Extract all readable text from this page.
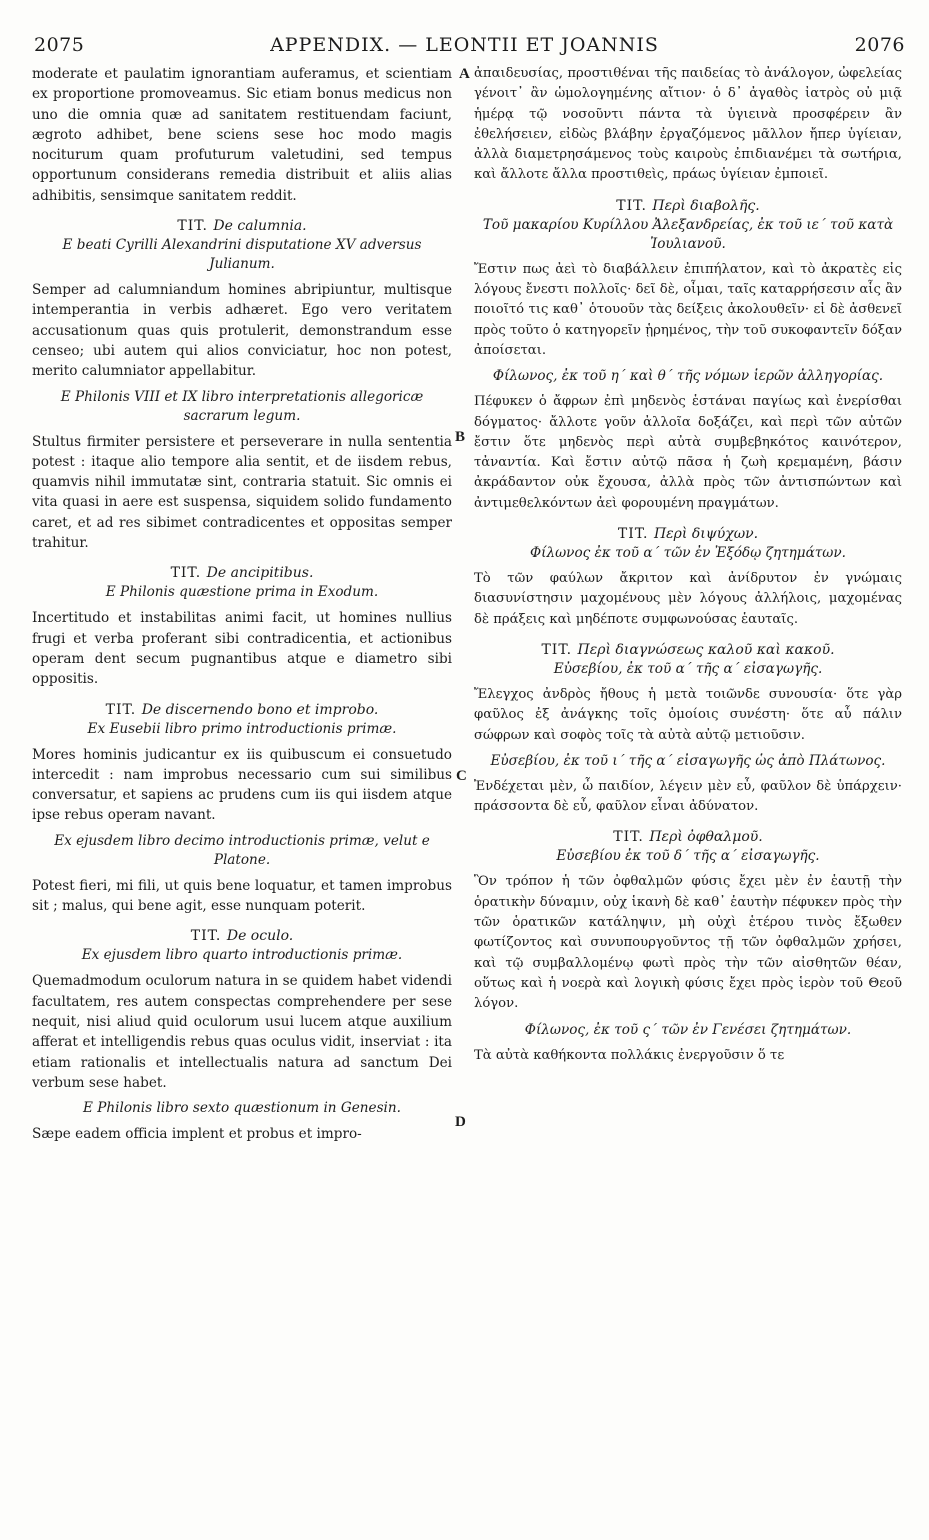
2075	APPENDIX. — LEONTII ET JOANNIS	2076

moderate et paulatim ignorantiam auferamus, et scientiam ex proportione promoveamus. Sic etiam bonus medicus non uno die omnia quæ ad sanitatem restituendam faciunt, ægroto adhibet, bene sciens sese hoc modo magis nociturum quam profuturum valetudini, sed tempus opportunum considerans remedia distribuit et aliis alias adhibitis, sensimque sanitatem reddit.

TIT. De calumnia.
E beati Cyrilli Alexandrini disputatione XV adversus Julianum.

Semper ad calumniandum homines abripiuntur, multisque intemperantia in verbis adhæret. Ego vero veritatem accusationum quas quis protulerit, demonstrandum esse censeo; ubi autem qui alios conviciatur, hoc non potest, merito calumniator appellabitur.

E Philonis VIII et IX libro interpretationis allegoricæ sacrarum legum.

Stultus firmiter persistere et perseverare in nulla sententia potest : itaque alio tempore alia sentit, et de iisdem rebus, quamvis nihil immutatæ sint, contraria statuit. Sic omnis ei vita quasi in aere est suspensa, siquidem solido fundamento caret, et ad res sibimet contradicentes et oppositas semper trahitur.

TIT. De ancipitibus.
E Philonis quæstione prima in Exodum.

Incertitudo et instabilitas animi facit, ut homines nullius frugi et verba proferant sibi contradicentia, et actionibus operam dent secum pugnantibus atque e diametro sibi oppositis.

TIT. De discernendo bono et improbo.
Ex Eusebii libro primo introductionis primæ.

Mores hominis judicantur ex iis quibuscum ei consuetudo intercedit : nam improbus necessario cum sui similibus conversatur, et sapiens ac prudens cum iis qui iisdem atque ipse rebus operam navant.

Ex ejusdem libro decimo introductionis primæ, velut e Platone.

Potest fieri, mi fili, ut quis bene loquatur, et tamen improbus sit ; malus, qui bene agit, esse nunquam poterit.

TIT. De oculo.
Ex ejusdem libro quarto introductionis primæ.

Quemadmodum oculorum natura in se quidem habet videndi facultatem, res autem conspectas comprehendere per sese nequit, nisi aliud quid oculorum usui lucem atque auxilium afferat et intelligendis rebus quas oculus vidit, inserviat : ita etiam rationalis et intellectualis natura ad sanctum Dei verbum sese habet.

E Philonis libro sexto quæstionum in Genesin.

Sæpe eadem officia implent et probus et impro-

ἀπαιδευσίας, προστιθέναι τῆς παιδείας τὸ ἀνάλογον, ὠφελείας γένοιτ᾽ ἂν ὡμολογημένης αἴτιον· ὁ δ᾽ ἀγαθὸς ἰατρὸς οὐ μιᾷ ἡμέρᾳ τῷ νοσοῦντι πάντα τὰ ὑγιεινὰ προσφέρειν ἂν ἐθελήσειεν, εἰδὼς βλάβην ἐργαζόμενος μᾶλλον ἤπερ ὑγίειαν, ἀλλὰ διαμετρησάμενος τοὺς καιροὺς ἐπιδιανέμει τὰ σωτήρια, καὶ ἄλλοτε ἄλλα προστιθεὶς, πράως ὑγίειαν ἐμποιεῖ.

TIT. Περὶ διαβολῆς.
Τοῦ μακαρίου Κυρίλλου Ἀλεξανδρείας, ἐκ τοῦ ιε´ τοῦ κατὰ Ἰουλιανοῦ.

Ἔστιν πως ἀεὶ τὸ διαβάλλειν ἐπιπήλατον, καὶ τὸ ἀκρατὲς εἰς λόγους ἔνεστι πολλοῖς· δεῖ δὲ, οἶμαι, ταῖς καταρρήσεσιν αἷς ἂν ποιοῖτό τις καθ᾽ ὁτουοῦν τὰς δείξεις ἀκολουθεῖν· εἰ δὲ ἀσθενεῖ πρὸς τοῦτο ὁ κατηγορεῖν ᾑρημένος, τὴν τοῦ συκοφαντεῖν δόξαν ἀποίσεται.

Φίλωνος, ἐκ τοῦ η´ καὶ θ´ τῆς νόμων ἱερῶν ἀλληγορίας.

Πέφυκεν ὁ ἄφρων ἐπὶ μηδενὸς ἑστάναι παγίως καὶ ἐνερίσθαι δόγματος· ἄλλοτε γοῦν ἀλλοῖα δοξάζει, καὶ περὶ τῶν αὐτῶν ἔστιν ὅτε μηδενὸς περὶ αὐτὰ συμβεβηκότος καινότερον, τἀναντία. Καὶ ἔστιν αὐτῷ πᾶσα ἡ ζωὴ κρεμαμένη, βάσιν ἀκράδαντον οὐκ ἔχουσα, ἀλλὰ πρὸς τῶν ἀντισπώντων καὶ ἀντιμεθελκόντων ἀεὶ φορουμένη πραγμάτων.

TIT. Περὶ διψύχων.
Φίλωνος ἐκ τοῦ α´ τῶν ἐν Ἐξόδῳ ζητημάτων.

Τὸ τῶν φαύλων ἄκριτον καὶ ἀνίδρυτον ἐν γνώμαις διασυνίστησιν μαχομένους μὲν λόγους ἀλλήλοις, μαχομένας δὲ πράξεις καὶ μηδέποτε συμφωνούσας ἑαυταῖς.

TIT. Περὶ διαγνώσεως καλοῦ καὶ κακοῦ.
Εὐσεβίου, ἐκ τοῦ α´ τῆς α´ εἰσαγωγῆς.

Ἔλεγχος ἀνδρὸς ἤθους ἡ μετὰ τοιῶνδε συνουσία· ὅτε γὰρ φαῦλος ἐξ ἀνάγκης τοῖς ὁμοίοις συνέστη· ὅτε αὖ πάλιν σώφρων καὶ σοφὸς τοῖς τὰ αὐτὰ αὐτῷ μετιοῦσιν.

Εὐσεβίου, ἐκ τοῦ ι´ τῆς α´ εἰσαγωγῆς ὡς ἀπὸ Πλάτωνος.

Ἐνδέχεται μὲν, ὦ παιδίον, λέγειν μὲν εὖ, φαῦλον δὲ ὑπάρχειν· πράσσοντα δὲ εὖ, φαῦλον εἶναι ἀδύνατον.

TIT. Περὶ ὀφθαλμοῦ.
Εὐσεβίου ἐκ τοῦ δ´ τῆς α´ εἰσαγωγῆς.

Ὃν τρόπον ἡ τῶν ὀφθαλμῶν φύσις ἔχει μὲν ἐν ἑαυτῇ τὴν ὁρατικὴν δύναμιν, οὐχ ἱκανὴ δὲ καθ᾽ ἑαυτὴν πέφυκεν πρὸς τὴν τῶν ὁρατικῶν κατάληψιν, μὴ οὐχὶ ἑτέρου τινὸς ἔξωθεν φωτίζοντος καὶ συνυπουργοῦντος τῇ τῶν ὀφθαλμῶν χρήσει, καὶ τῷ συμβαλλομένῳ φωτὶ πρὸς τὴν τῶν αἰσθητῶν θέαν, οὕτως καὶ ἡ νοερὰ καὶ λογικὴ φύσις ἔχει πρὸς ἱερὸν τοῦ Θεοῦ λόγον.

Φίλωνος, ἐκ τοῦ ς´ τῶν ἐν Γενέσει ζητημάτων.

Τὰ αὐτὰ καθήκοντα πολλάκις ἐνεργοῦσιν ὅ τε

A
B
C
D
